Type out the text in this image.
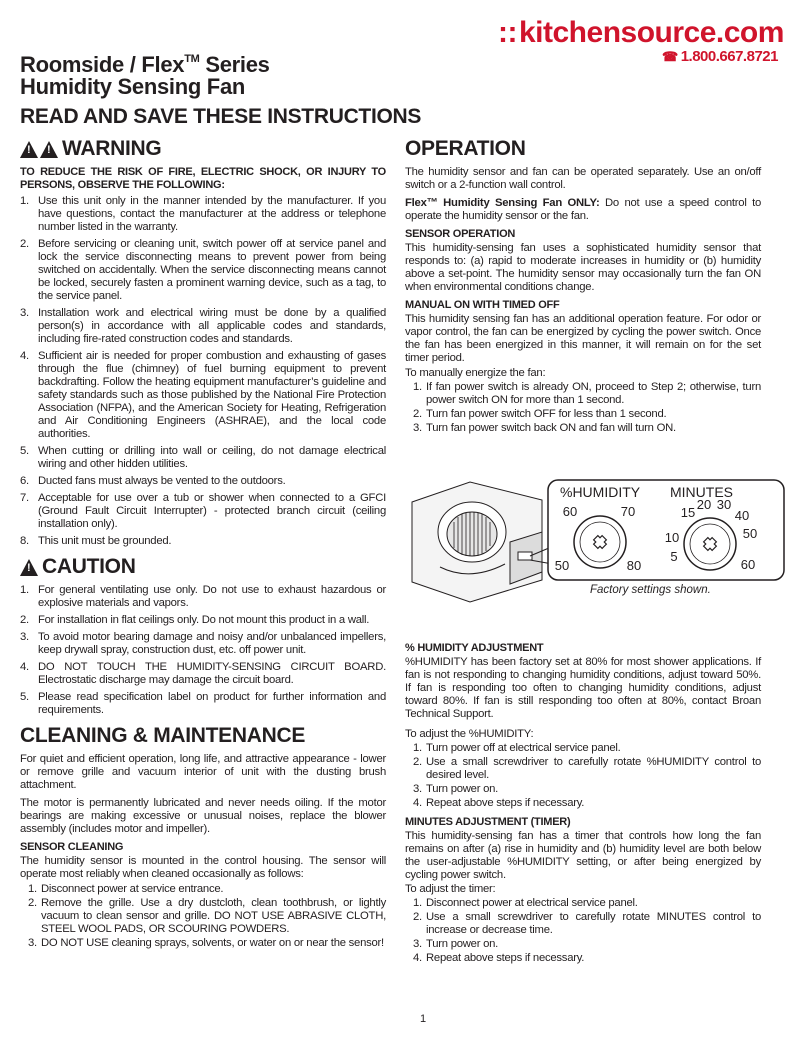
Roomside / Flex™ Series
Humidity Sensing Fan
READ AND SAVE THESE INSTRUCTIONS
::kitchensource.com
☎ 1.800.667.8721
!
!
WARNING

TO REDUCE THE RISK OF FIRE, ELECTRIC SHOCK, OR INJURY TO PERSONS, OBSERVE THE FOLLOWING:

1. Use this unit only in the manner intended by the manufacturer. If you have questions, contact the manufacturer at the address or telephone number listed in the warranty.
2. Before servicing or cleaning unit, switch power off at service panel and lock the service disconnecting means to prevent power from being switched on accidentally. When the service disconnecting means cannot be locked, securely fasten a prominent warning device, such as a tag, to the service panel.
3. Installation work and electrical wiring must be done by a qualified person(s) in accordance with all applicable codes and standards, including fire-rated construction codes and standards.
4. Sufficient air is needed for proper combustion and exhausting of gases through the flue (chimney) of fuel burning equipment to prevent backdrafting. Follow the heating equipment manufacturer’s guideline and safety standards such as those published by the National Fire Protection Association (NFPA), and the American Society for Heating, Refrigeration and Air Conditioning Engineers (ASHRAE), and the local code authorities.
5. When cutting or drilling into wall or ceiling, do not damage electrical wiring and other hidden utilities.
6. Ducted fans must always be vented to the outdoors.
7. Acceptable for use over a tub or shower when connected to a GFCI (Ground Fault Circuit Interrupter) - protected branch circuit (ceiling installation only).
8. This unit must be grounded.
!
CAUTION
1. For general ventilating use only. Do not use to exhaust hazardous or explosive materials and vapors.
2. For installation in flat ceilings only. Do not mount this product in a wall.
3. To avoid motor bearing damage and noisy and/or unbalanced impellers, keep drywall spray, construction dust, etc. off power unit.
4. DO NOT TOUCH THE HUMIDITY-SENSING CIRCUIT BOARD. Electrostatic discharge may damage the circuit board.
5. Please read specification label on product for further information and requirements.
CLEANING & MAINTENANCE

For quiet and efficient operation, long life, and attractive appearance - lower or remove grille and vacuum interior of unit with the dusting brush attachment.

The motor is permanently lubricated and never needs oiling. If the motor bearings are making excessive or unusual noises, replace the blower assembly (includes motor and impeller).

SENSOR CLEANING

The humidity sensor is mounted in the control housing. The sensor will operate most reliably when cleaned occasionally as follows:

1. Disconnect power at service entrance.
2. Remove the grille. Use a dry dustcloth, clean toothbrush, or lightly vacuum to clean sensor and grille. DO NOT USE ABRASIVE CLOTH, STEEL WOOL PADS, OR SCOURING POWDERS.
3. DO NOT USE cleaning sprays, solvents, or water on or near the sensor!
OPERATION

The humidity sensor and fan can be operated separately. Use an on/off switch or a 2-function wall control.

Flex™ Humidity Sensing Fan ONLY: Do not use a speed control to operate the humidity sensor or the fan.

SENSOR OPERATION

This humidity-sensing fan uses a sophisticated humidity sensor that responds to: (a) rapid to moderate increases in humidity or (b) humidity above a set-point. The humidity sensor may occasionally turn the fan ON when environmental conditions change.

MANUAL ON WITH TIMED OFF

This humidity sensing fan has an additional operation feature. For odor or vapor control, the fan can be energized by cycling the power switch. Once the fan has been energized in this manner, it will remain on for the set timer period.

To manually energize the fan:

1. If fan power switch is already ON, proceed to Step 2; otherwise, turn power switch ON for more than 1 second.
2. Turn fan power switch OFF for less than 1 second.
3. Turn fan power switch back ON and fan will turn ON.
%HUMIDITY MINUTES
60	70
50	80
15
20 30
40
10	50
5
60
Factory settings shown.

% HUMIDITY ADJUSTMENT

%HUMIDITY has been factory set at 80% for most shower applications. If fan is not responding to changing humidity conditions, adjust toward 50%. If fan is responding too often to changing humidity conditions, adjust toward 80%. If fan is still responding too often at 80%, contact Broan Technical Support.

To adjust the %HUMIDITY:

1. Turn power off at electrical service panel.
2. Use a small screwdriver to carefully rotate %HUMIDITY control to desired level.
3. Turn power on.
4. Repeat above steps if necessary.

MINUTES ADJUSTMENT (TIMER)

This humidity-sensing fan has a timer that controls how long the fan remains on after (a) rise in humidity and (b) humidity level are both below the user-adjustable %HUMIDITY setting, or after being energized by cycling power switch.

To adjust the timer:

1. Disconnect power at electrical service panel.
2. Use a small screwdriver to carefully rotate MINUTES control to increase or decrease time.
3. Turn power on.
4. Repeat above steps if necessary.
1
